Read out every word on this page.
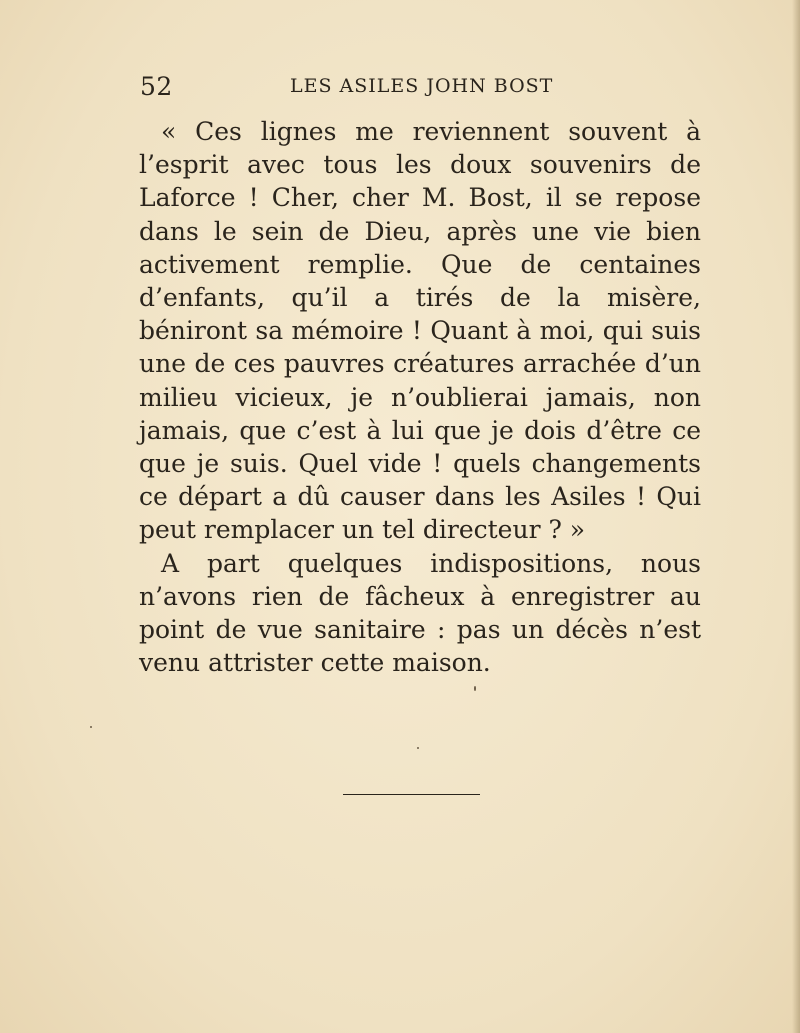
52	LES ASILES JOHN BOST

« Ces lignes me reviennent souvent à l’esprit avec tous les doux souvenirs de Laforce ! Cher, cher M. Bost, il se repose dans le sein de Dieu, après une vie bien activement remplie. Que de centaines d’enfants, qu’il a tirés de la misère, béniront sa mémoire ! Quant à moi, qui suis une de ces pauvres créatures arrachée d’un milieu vicieux, je n’oublierai jamais, non jamais, que c’est à lui que je dois d’être ce que je suis. Quel vide ! quels changements ce départ a dû causer dans les Asiles ! Qui peut remplacer un tel directeur ? »

A part quelques indispositions, nous n’avons rien de fâcheux à enregistrer au point de vue sanitaire : pas un décès n’est venu attrister cette maison.
